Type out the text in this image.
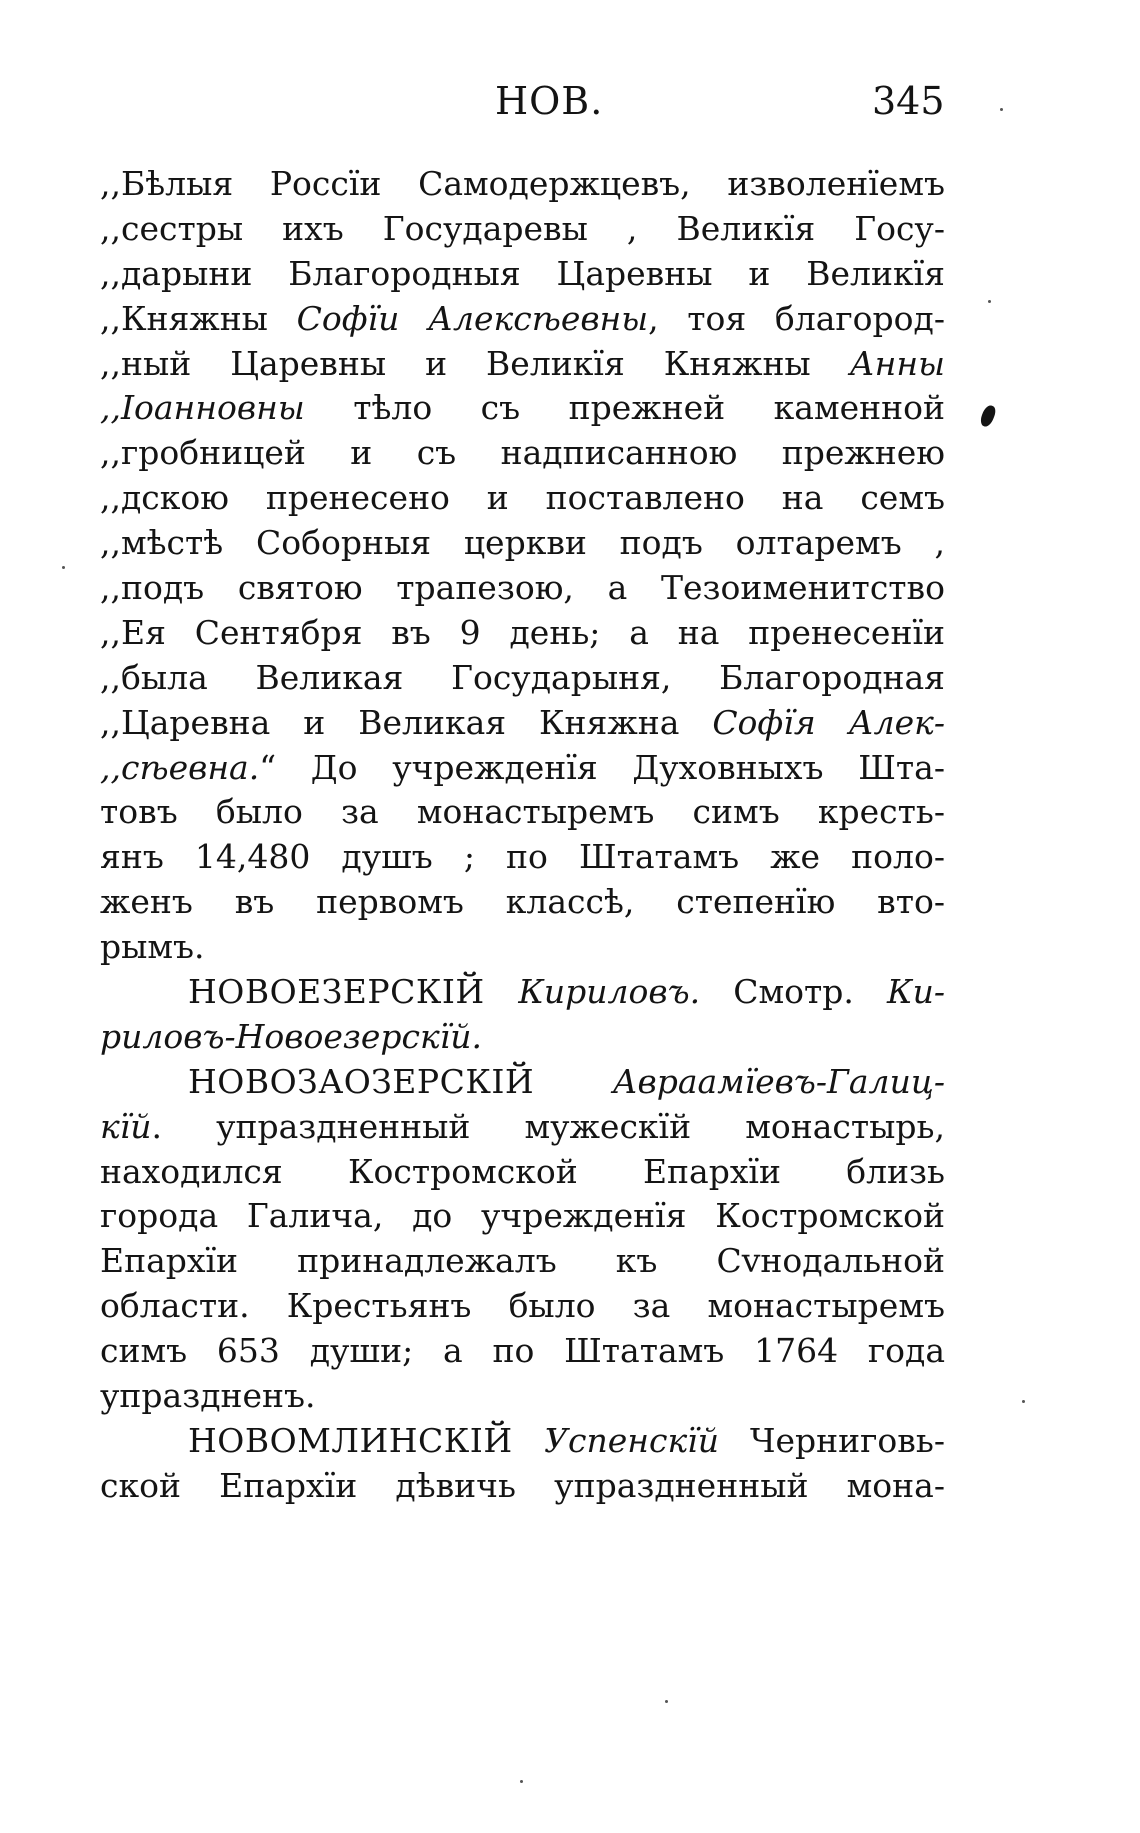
НОВ.	345
,,Бѣлыя Россїи Самодержцевъ, изволенїемъ
,,сестры ихъ Государевы , Великїя Госу-
,,дарыни Благородныя Царевны и Великїя
,,Княжны Софїи Алексѣевны, тоя благород-
,,ный Царевны и Великїя Княжны Анны
,,Іоанновны тѣло съ прежней каменной
,,гробницей и съ надписанною прежнею
,,дскою пренесено и поставлено на семъ
,,мѣстѣ Соборныя церкви подъ олтаремъ ,
,,подъ святою трапезою, а Тезоименитство
,,Ея Сентября въ 9 день; а на пренесенїи
,,была Великая Государыня, Благородная
,,Царевна и Великая Княжна Софїя Алек-
,,сѣевна.“ До учрежденїя Духовныхъ Шта-
товъ было за монастыремъ симъ кресть-
янъ 14,480 душъ ; по Штатамъ же поло-
женъ въ первомъ классѣ, степенїю вто-
рымъ.
НОВОЕЗЕРСКІЙ Кириловъ. Смотр. Ки-
риловъ-Новоезерскїй.
НОВОЗАОЗЕРСКІЙ Авраамїевъ-Галиц-
кїй. упраздненный мужескїй монастырь,
находился Костромской Епархїи близь
города Галича, до учрежденїя Костромской
Епархїи принадлежалъ къ Сvнодальной
области. Крестьянъ было за монастыремъ
симъ 653 души; а по Штатамъ 1764 года
упраздненъ.
НОВОМЛИНСКІЙ Успенскїй Черниговь-
ской Епархїи дѣвичь упраздненный мона-
